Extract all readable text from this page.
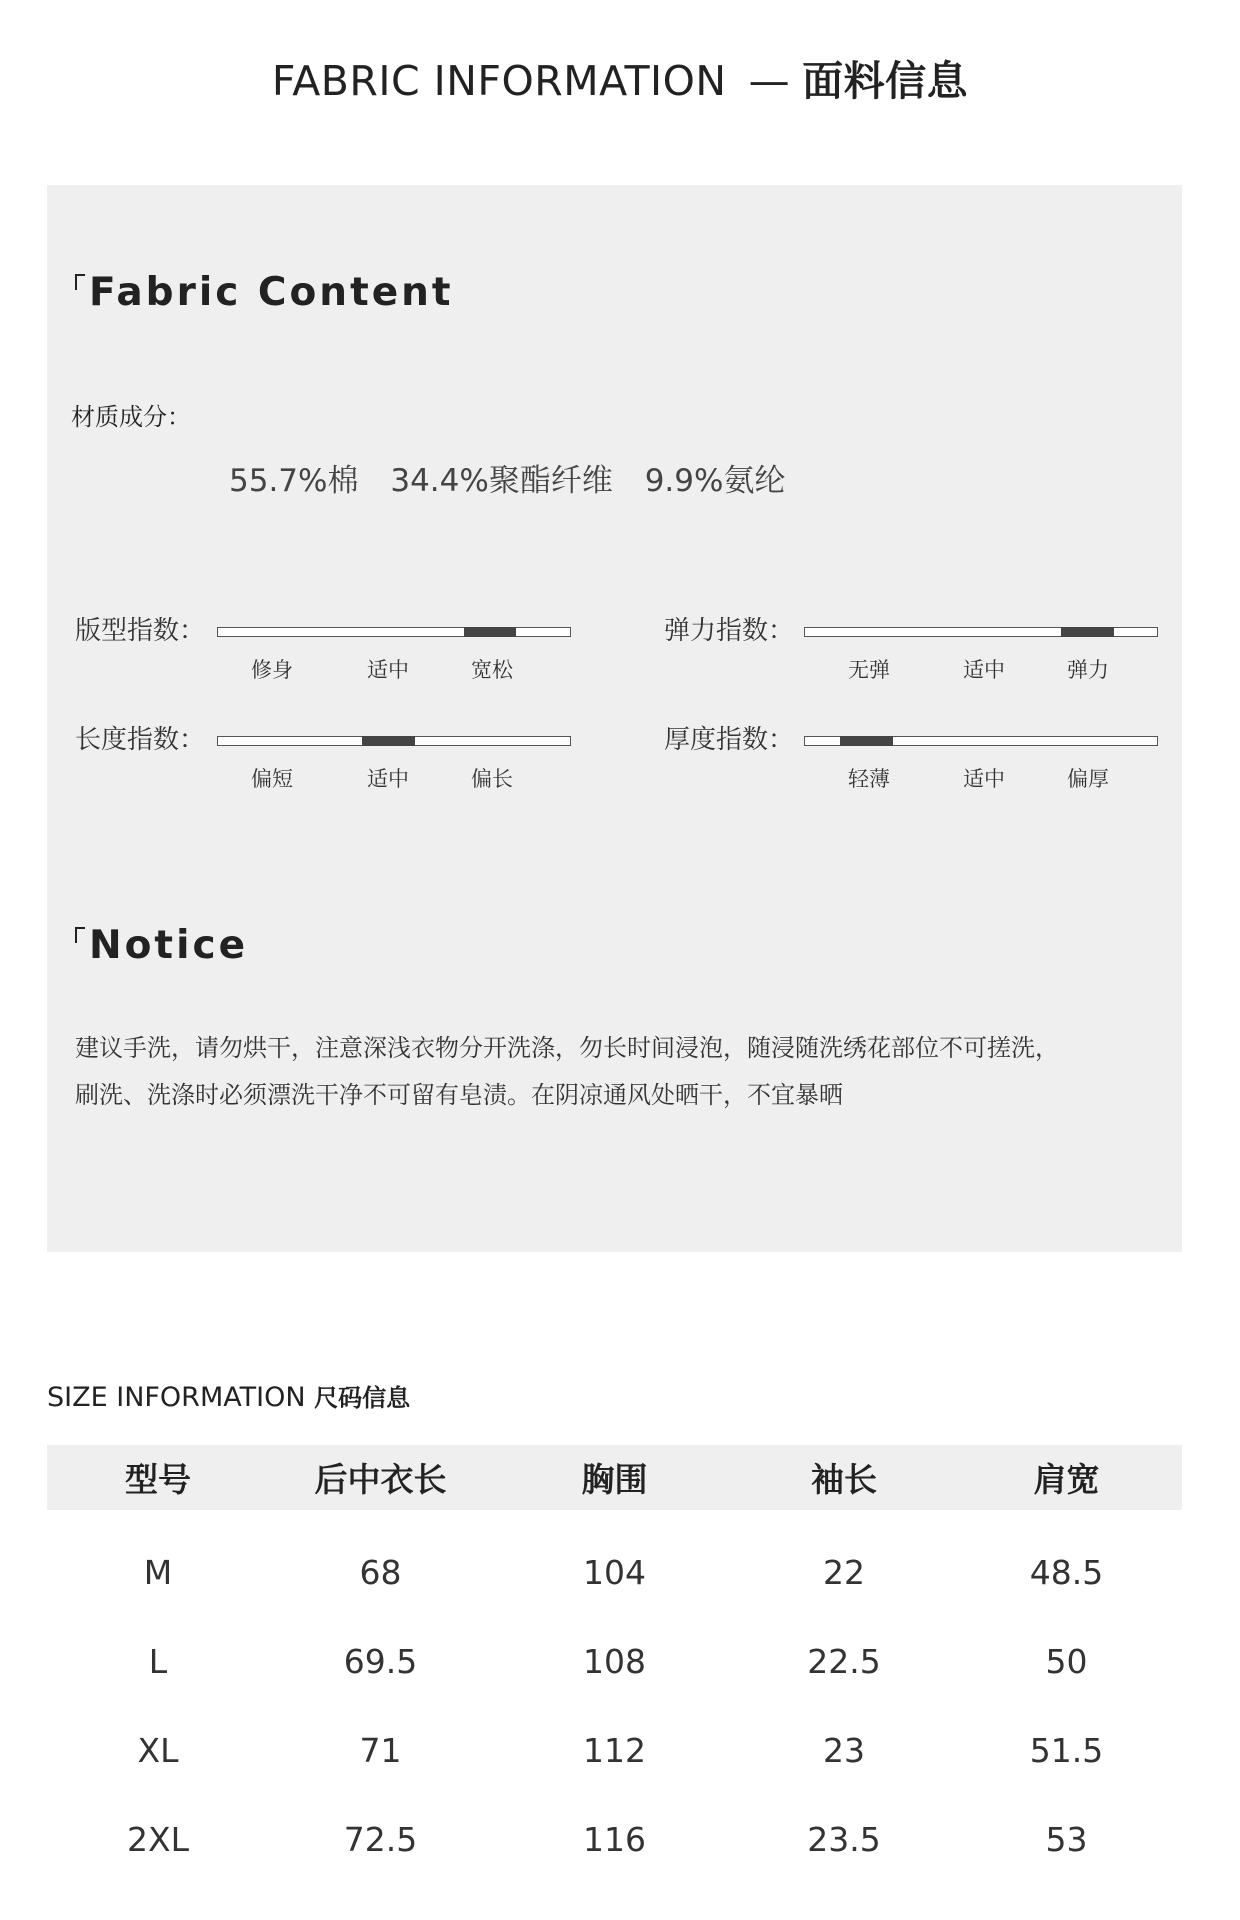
FABRIC INFORMATION — 面料信息
Fabric Content
材质成分：
55.7%棉 34.4%聚酯纤维 9.9%氨纶
版型指数：
修身	适中	宽松
弹力指数：
无弹	适中	弹力
长度指数：
偏短	适中	偏长
厚度指数：
轻薄	适中	偏厚
Notice
建议手洗，请勿烘干，注意深浅衣物分开洗涤，勿长时间浸泡，随浸随洗绣花部位不可搓洗，
刷洗、洗涤时必须漂洗干净不可留有皂渍。在阴凉通风处晒干，不宜暴晒
SIZE INFORMATION 尺码信息
型号	后中衣长	胸围	袖长	肩宽
M	68	104	22	48.5
L	69.5	108	22.5	50
XL	71	112	23	51.5
2XL	72.5	116	23.5	53
